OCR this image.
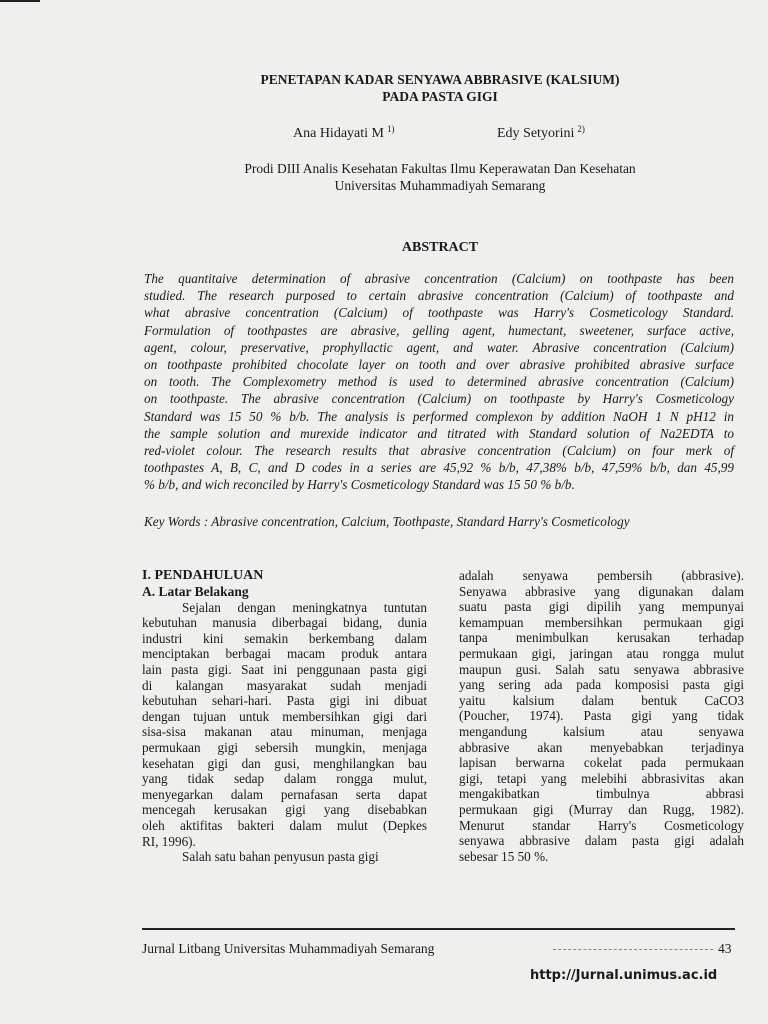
PENETAPAN KADAR SENYAWA ABBRASIVE (KALSIUM)
PADA PASTA GIGI
Ana Hidayati M $^{1)}$	Edy Setyorini $^{2)}$
Prodi DIII Analis Kesehatan Fakultas Ilmu Keperawatan Dan Kesehatan
Universitas Muhammadiyah Semarang
ABSTRACT
The quantitaive determination of abrasive concentration (Calcium) on toothpaste has been
studied. The research purposed to certain abrasive concentration (Calcium) of toothpaste and
what abrasive concentration (Calcium) of toothpaste was Harry's Cosmeticology Standard.
Formulation of toothpastes are abrasive, gelling agent, humectant, sweetener, surface active,
agent, colour, preservative, prophyllactic agent, and water. Abrasive concentration (Calcium)
on toothpaste prohibited chocolate layer on tooth and over abrasive prohibited abrasive surface
on tooth. The Complexometry method is used to determined abrasive concentration (Calcium)
on toothpaste. The abrasive concentration (Calcium) on toothpaste by Harry's Cosmeticology
Standard was 15 50 % b/b. The analysis is performed complexon by addition NaOH 1 N pH12 in
the sample solution and murexide indicator and titrated with Standard solution of Na2EDTA to
red-violet colour. The research results that abrasive concentration (Calcium) on four merk of
toothpastes A, B, C, and D codes in a series are 45,92 % b/b, 47,38% b/b, 47,59% b/b, dan 45,99
% b/b, and wich reconciled by Harry's Cosmeticology Standard was 15 50 % b/b.
Key Words : Abrasive concentration, Calcium, Toothpaste, Standard Harry's Cosmeticology
I. PENDAHULUAN
A. Latar Belakang
Sejalan dengan meningkatnya tuntutan
kebutuhan manusia diberbagai bidang, dunia
industri kini semakin berkembang dalam
menciptakan berbagai macam produk antara
lain pasta gigi. Saat ini penggunaan pasta gigi
di kalangan masyarakat sudah menjadi
kebutuhan sehari-hari. Pasta gigi ini dibuat
dengan tujuan untuk membersihkan gigi dari
sisa-sisa makanan atau minuman, menjaga
permukaan gigi sebersih mungkin, menjaga
kesehatan gigi dan gusi, menghilangkan bau
yang tidak sedap dalam rongga mulut,
menyegarkan dalam pernafasan serta dapat
mencegah kerusakan gigi yang disebabkan
oleh aktifitas bakteri dalam mulut (Depkes
RI, 1996).
Salah satu bahan penyusun pasta gigi
adalah senyawa pembersih (abbrasive).
Senyawa abbrasive yang digunakan dalam
suatu pasta gigi dipilih yang mempunyai
kemampuan membersihkan permukaan gigi
tanpa menimbulkan kerusakan terhadap
permukaan gigi, jaringan atau rongga mulut
maupun gusi. Salah satu senyawa abbrasive
yang sering ada pada komposisi pasta gigi
yaitu kalsium dalam bentuk CaCO3
(Poucher, 1974). Pasta gigi yang tidak
mengandung kalsium atau senyawa
abbrasive akan menyebabkan terjadinya
lapisan berwarna cokelat pada permukaan
gigi, tetapi yang melebihi abbrasivitas akan
mengakibatkan timbulnya abbrasi
permukaan gigi (Murray dan Rugg, 1982).
Menurut standar Harry's Cosmeticology
senyawa abbrasive dalam pasta gigi adalah
sebesar 15 50 %.
Jurnal Litbang Universitas Muhammadiyah Semarang	43
http://Jurnal.unimus.ac.id
